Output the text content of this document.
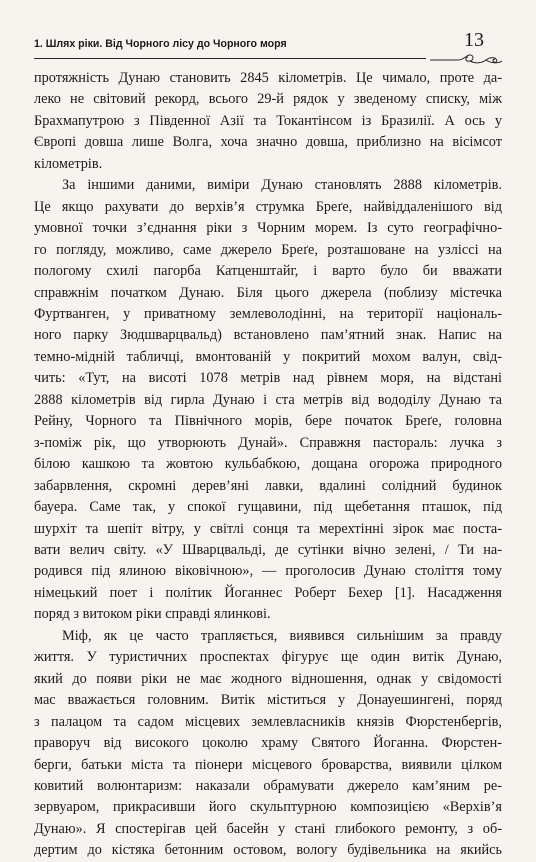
1. Шлях ріки. Від Чорного лісу до Чорного моря	13
протяжність Дунаю становить 2845 кілометрів. Це чимало, проте да-
леко не світовий рекорд, всього 29-й рядок у зведеному списку, між
Брахмапутрою з Південної Азії та Токантінсом із Бразилії. А ось у
Європі довша лише Волга, хоча значно довша, приблизно на вісімсот
кілометрів.
За іншими даними, виміри Дунаю становлять 2888 кілометрів.
Це якщо рахувати до верхів’я струмка Бреґе, найвіддаленішого від
умовної точки з’єднання ріки з Чорним морем. Із суто географічно-
го погляду, можливо, саме джерело Бреґе, розташоване на узліссі на
пологому схилі пагорба Катценштайг, і варто було би вважати
справжнім початком Дунаю. Біля цього джерела (поблизу містечка
Фуртванген, у приватному землеволодінні, на території національ-
ного парку Зюдшварцвальд) встановлено пам’ятний знак. Напис на
темно-мідній табличці, вмонтованій у покритий мохом валун, свід-
чить: «Тут, на висоті 1078 метрів над рівнем моря, на відстані
2888 кілометрів від гирла Дунаю і ста метрів від вододілу Дунаю та
Рейну, Чорного та Північного морів, бере початок Бреґе, головна
з-поміж рік, що утворюють Дунай». Справжня пастораль: лучка з
білою кашкою та жовтою кульбабкою, дощана огорожа природного
забарвлення, скромні дерев’яні лавки, вдалині солідний будинок
бауера. Саме так, у спокої гущавини, під щебетання пташок, під
шурхіт та шепіт вітру, у світлі сонця та мерехтінні зірок має поста-
вати велич світу. «У Шварцвальді, де сутінки вічно зелені, / Ти на-
родився під ялиною віковічною», — проголосив Дунаю століття тому
німецький поет і політик Йоганнес Роберт Бехер [1]. Насадження
поряд з витоком ріки справді ялинкові.
Міф, як це часто трапляється, виявився сильнішим за правду
життя. У туристичних проспектах фігурує ще один витік Дунаю,
який до появи ріки не має жодного відношення, однак у свідомості
мас вважається головним. Витік міститься у Донауешингені, поряд
з палацом та садом місцевих землевласників князів Фюрстенбергів,
праворуч від високого цоколю храму Святого Йоганна. Фюрстен-
берги, батьки міста та піонери місцевого броварства, виявили цілком
ковитий волюнтаризм: наказали обрамувати джерело кам’яним ре-
зервуаром, прикрасивши його скульптурною композицією «Верхів’я
Дунаю». Я спостерігав цей басейн у стані глибокого ремонту, з об-
дертим до кістяка бетонним остовом, вологу будівельника на якийсь
